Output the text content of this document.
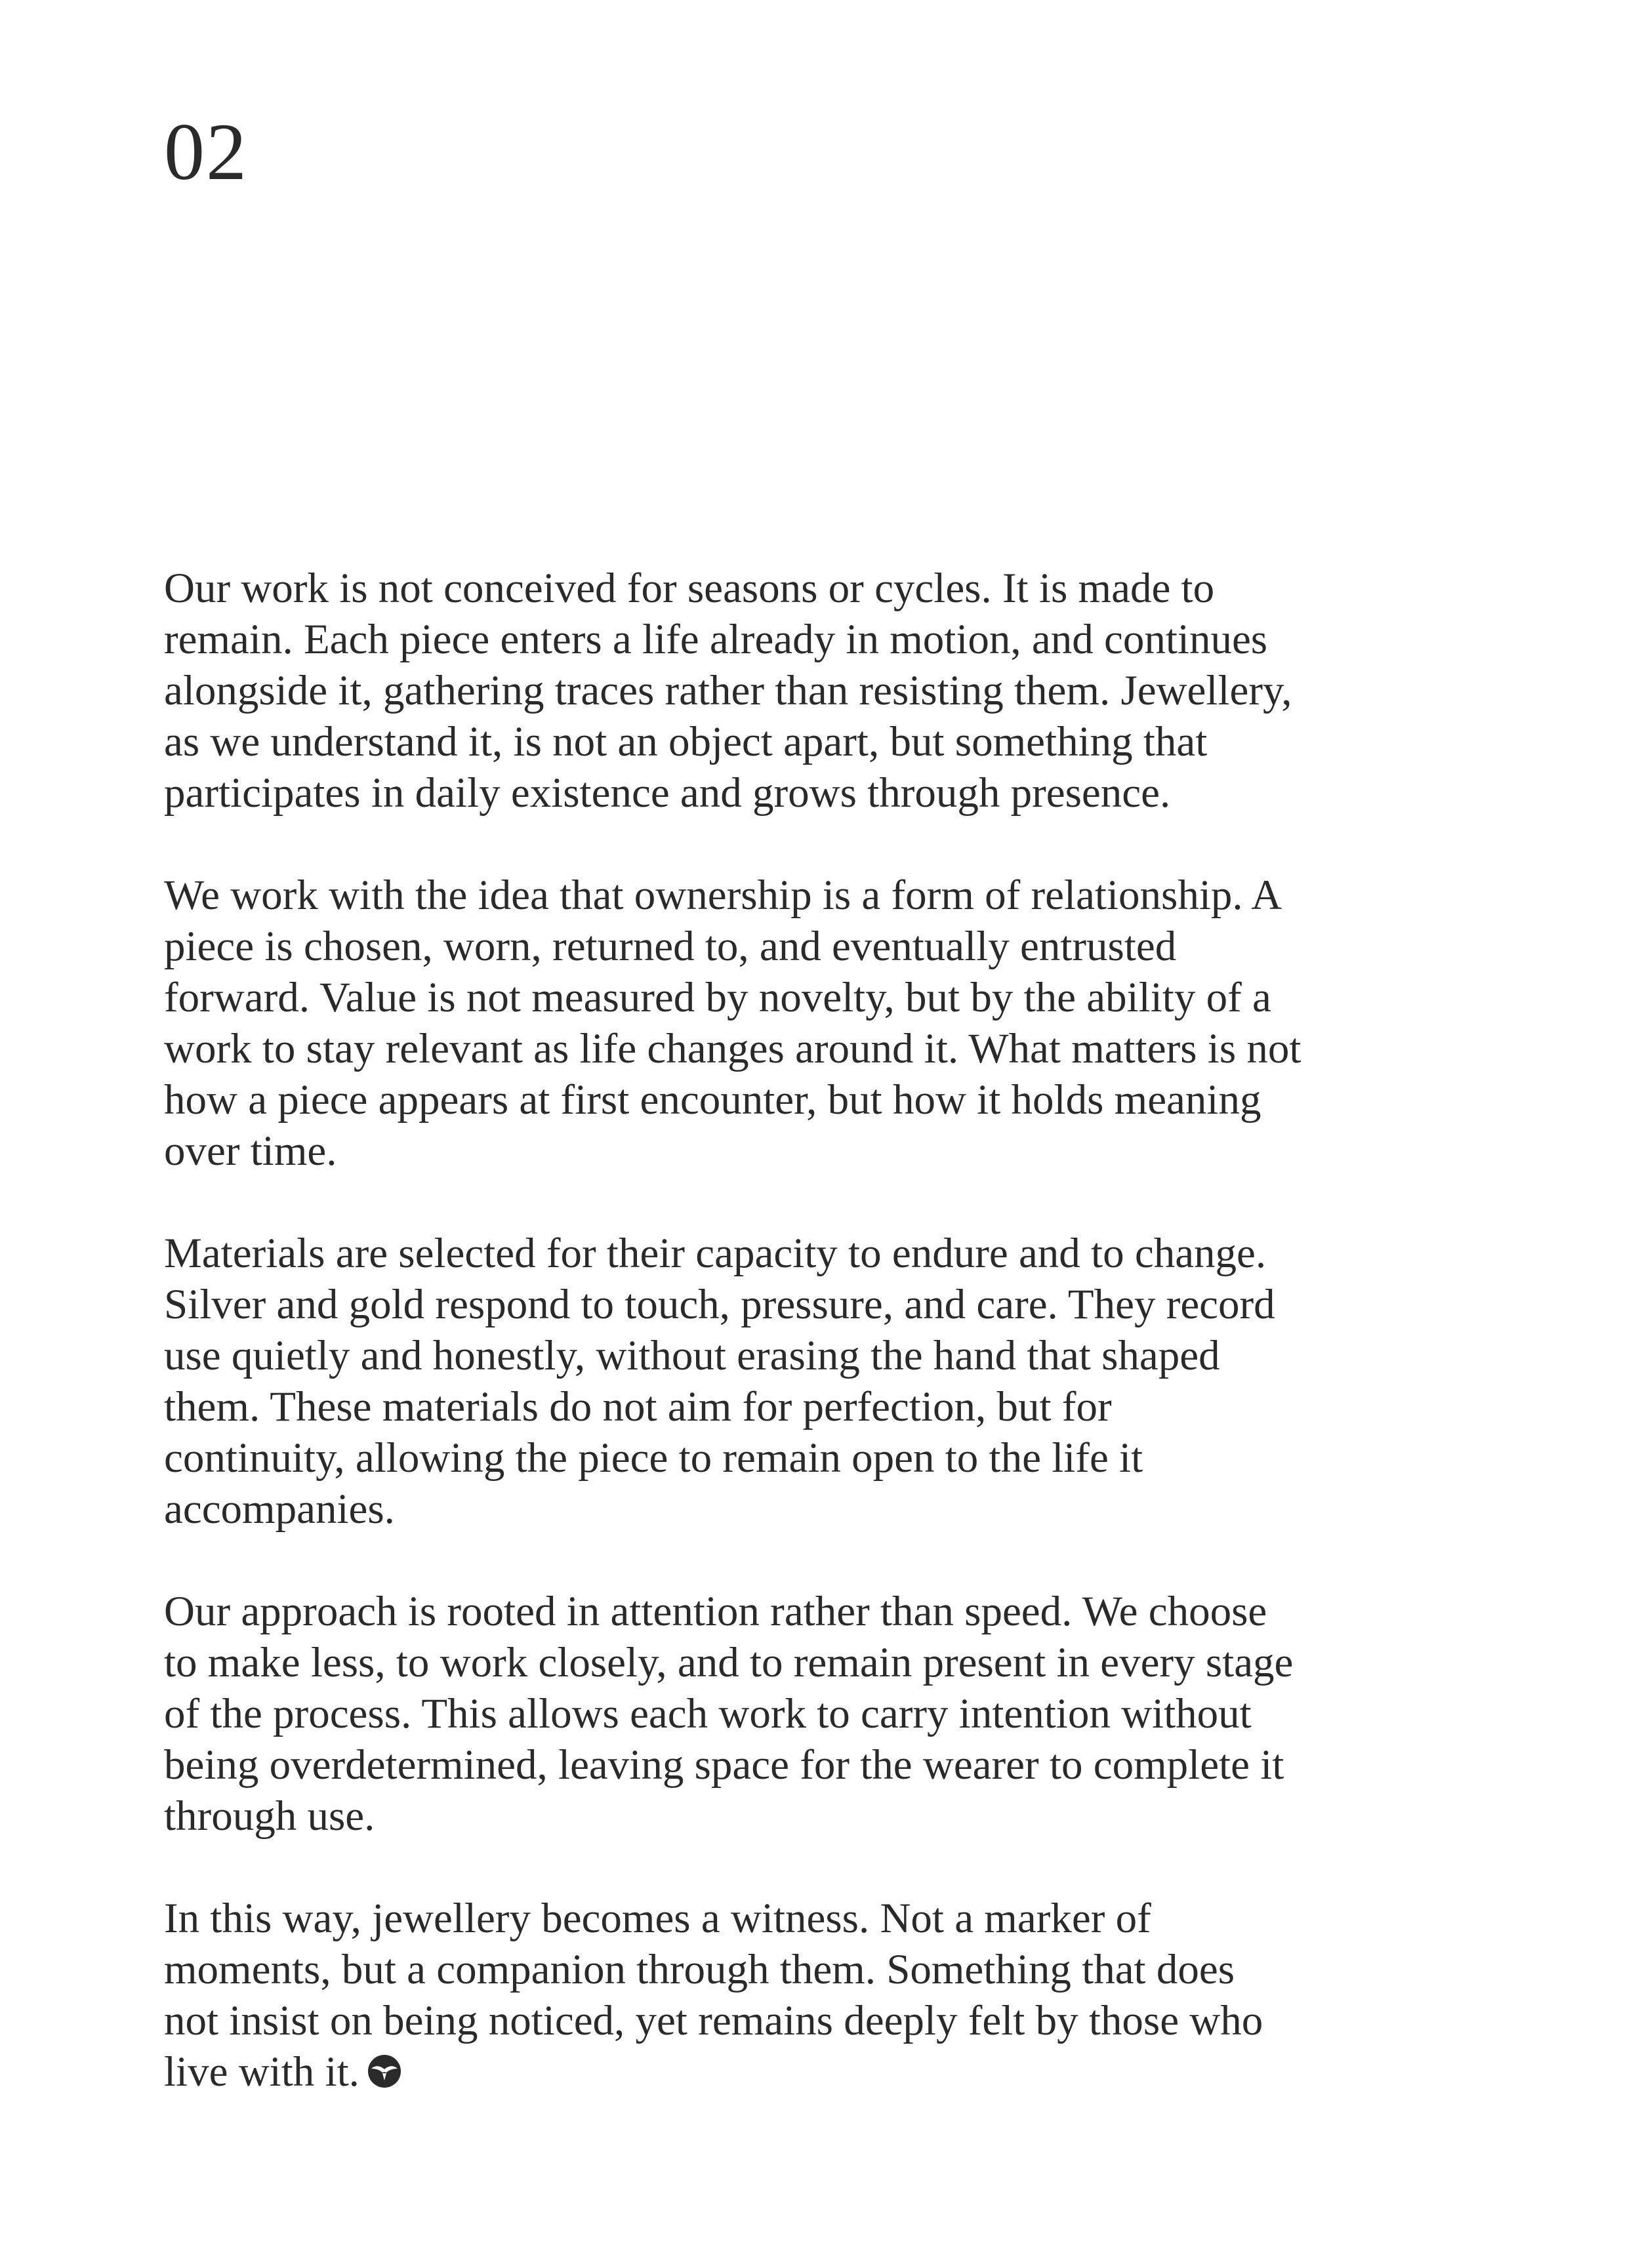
02

Our work is not conceived for seasons or cycles. It is made to
remain. Each piece enters a life already in motion, and continues
alongside it, gathering traces rather than resisting them. Jewellery,
as we understand it, is not an object apart, but something that
participates in daily existence and grows through presence.

We work with the idea that ownership is a form of relationship. A
piece is chosen, worn, returned to, and eventually entrusted
forward. Value is not measured by novelty, but by the ability of a
work to stay relevant as life changes around it. What matters is not
how a piece appears at first encounter, but how it holds meaning
over time.

Materials are selected for their capacity to endure and to change.
Silver and gold respond to touch, pressure, and care. They record
use quietly and honestly, without erasing the hand that shaped
them. These materials do not aim for perfection, but for
continuity, allowing the piece to remain open to the life it
accompanies.

Our approach is rooted in attention rather than speed. We choose
to make less, to work closely, and to remain present in every stage
of the process. This allows each work to carry intention without
being overdetermined, leaving space for the wearer to complete it
through use.

In this way, jewellery becomes a witness. Not a marker of
moments, but a companion through them. Something that does
not insist on being noticed, yet remains deeply felt by those who
live with it.
